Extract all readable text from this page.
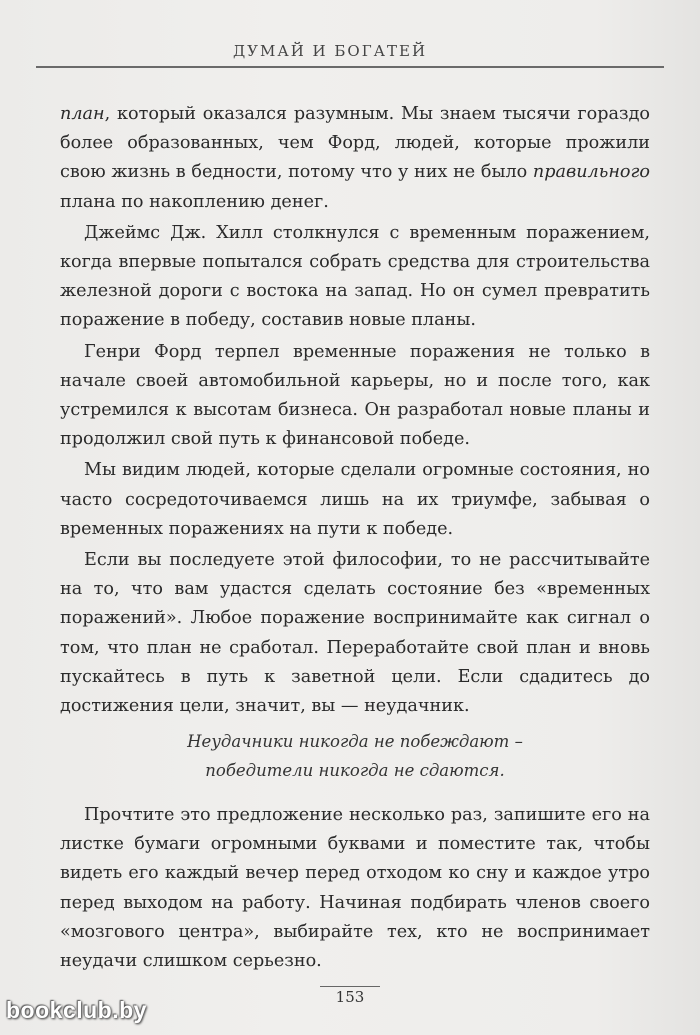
ДУМАЙ И БОГАТЕЙ

план, который оказался разумным. Мы знаем тысячи гораздо более образованных, чем Форд, людей, которые прожили свою жизнь в бедности, потому что у них не было правильного плана по накоплению денег.

Джеймс Дж. Хилл столкнулся с временным поражением, когда впервые попытался собрать средства для строительства железной дороги с востока на запад. Но он сумел превратить поражение в победу, составив новые планы.

Генри Форд терпел временные поражения не только в начале своей автомобильной карьеры, но и после того, как устремился к высотам бизнеса. Он разработал новые планы и продолжил свой путь к финансовой победе.

Мы видим людей, которые сделали огромные состояния, но часто сосредоточиваемся лишь на их триумфе, забывая о временных поражениях на пути к победе.

Если вы последуете этой философии, то не рассчитывайте на то, что вам удастся сделать состояние без «временных поражений». Любое поражение воспринимайте как сигнал о том, что план не сработал. Переработайте свой план и вновь пускайтесь в путь к заветной цели. Если сдадитесь до достижения цели, значит, вы — неудачник.

Неудачники никогда не побеждают –
победители никогда не сдаются.

Прочтите это предложение несколько раз, запишите его на листке бумаги огромными буквами и поместите так, чтобы видеть его каждый вечер перед отходом ко сну и каждое утро перед выходом на работу. Начиная подбирать членов своего «мозгового центра», выбирайте тех, кто не воспринимает неудачи слишком серьезно.

153
bookclub.by
